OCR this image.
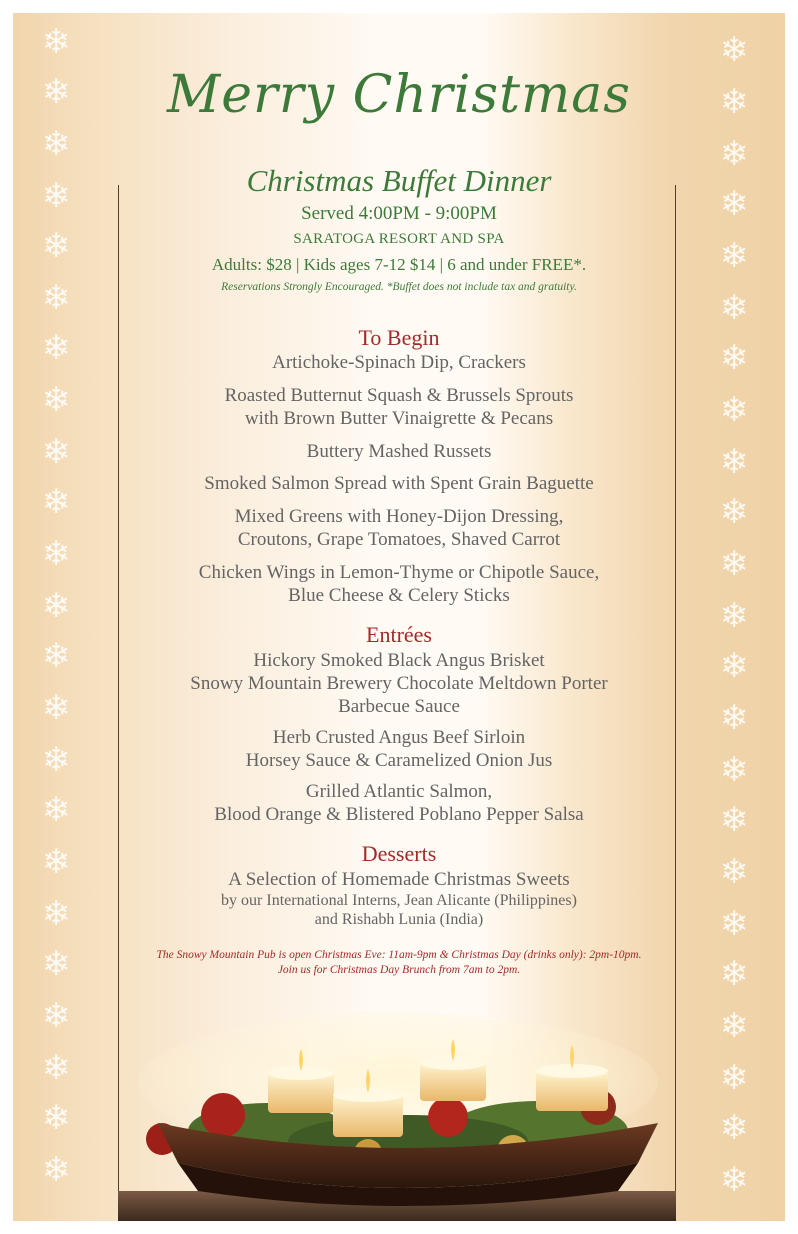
❄
❄
❄
❄
❄
❄
❄
❄
❄
❄
❄
❄
❄
❄
❄
❄
❄
❄
❄
❄
❄
❄
❄
❄
❄
❄
❄
❄
❄
❄
❄
❄
❄
❄
❄
❄
❄
❄
❄
❄
❄
❄
❄
❄
❄
❄
Merry Christmas
Christmas Buffet Dinner
Served 4:00PM - 9:00PM
SARATOGA RESORT AND SPA
Adults: $28 | Kids ages 7-12 $14 | 6 and under FREE*.
Reservations Strongly Encouraged. *Buffet does not include tax and gratuity.
To Begin
Artichoke-Spinach Dip, Crackers
Roasted Butternut Squash & Brussels Sprouts
with Brown Butter Vinaigrette & Pecans
Buttery Mashed Russets
Smoked Salmon Spread with Spent Grain Baguette
Mixed Greens with Honey-Dijon Dressing,
Croutons, Grape Tomatoes, Shaved Carrot
Chicken Wings in Lemon-Thyme or Chipotle Sauce,
Blue Cheese & Celery Sticks
Entrées
Hickory Smoked Black Angus Brisket
Snowy Mountain Brewery Chocolate Meltdown Porter
Barbecue Sauce
Herb Crusted Angus Beef Sirloin
Horsey Sauce & Caramelized Onion Jus
Grilled Atlantic Salmon,
Blood Orange & Blistered Poblano Pepper Salsa
Desserts
A Selection of Homemade Christmas Sweets
by our International Interns, Jean Alicante (Philippines)
and Rishabh Lunia (India)
The Snowy Mountain Pub is open Christmas Eve: 11am-9pm & Christmas Day (drinks only): 2pm-10pm.
Join us for Christmas Day Brunch from 7am to 2pm.
